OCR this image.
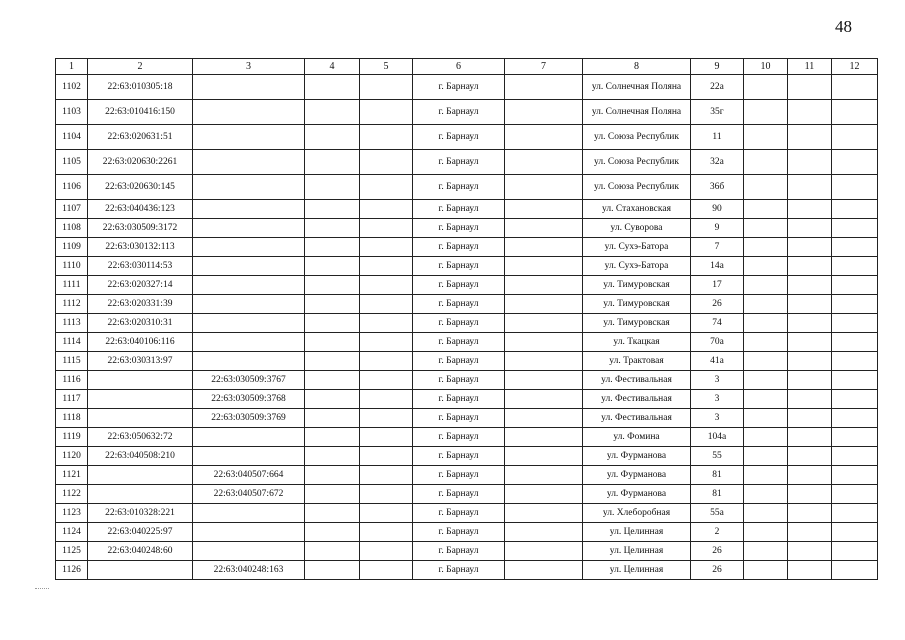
48
1	2	3	4	5	6	7	8	9	10	11	12
1102	22:63:010305:18				г. Барнаул		ул. Солнечная Поляна	22а			
1103	22:63:010416:150				г. Барнаул		ул. Солнечная Поляна	35г			
1104	22:63:020631:51				г. Барнаул		ул. Союза Республик	11			
1105	22:63:020630:2261				г. Барнаул		ул. Союза Республик	32а			
1106	22:63:020630:145				г. Барнаул		ул. Союза Республик	36б			
1107	22:63:040436:123				г. Барнаул		ул. Стахановская	90			
1108	22:63:030509:3172				г. Барнаул		ул. Суворова	9			
1109	22:63:030132:113				г. Барнаул		ул. Сухэ-Батора	7			
1110	22:63:030114:53				г. Барнаул		ул. Сухэ-Батора	14а			
1111	22:63:020327:14				г. Барнаул		ул. Тимуровская	17			
1112	22:63:020331:39				г. Барнаул		ул. Тимуровская	26			
1113	22:63:020310:31				г. Барнаул		ул. Тимуровская	74			
1114	22:63:040106:116				г. Барнаул		ул. Ткацкая	70а			
1115	22:63:030313:97				г. Барнаул		ул. Трактовая	41а			
1116		22:63:030509:3767			г. Барнаул		ул. Фестивальная	3			
1117		22:63:030509:3768			г. Барнаул		ул. Фестивальная	3			
1118		22:63:030509:3769			г. Барнаул		ул. Фестивальная	3			
1119	22:63:050632:72				г. Барнаул		ул. Фомина	104а			
1120	22:63:040508:210				г. Барнаул		ул. Фурманова	55			
1121		22:63:040507:664			г. Барнаул		ул. Фурманова	81			
1122		22:63:040507:672			г. Барнаул		ул. Фурманова	81			
1123	22:63:010328:221				г. Барнаул		ул. Хлеборобная	55а			
1124	22:63:040225:97				г. Барнаул		ул. Целинная	2			
1125	22:63:040248:60				г. Барнаул		ул. Целинная	26			
1126		22:63:040248:163			г. Барнаул		ул. Целинная	26			
